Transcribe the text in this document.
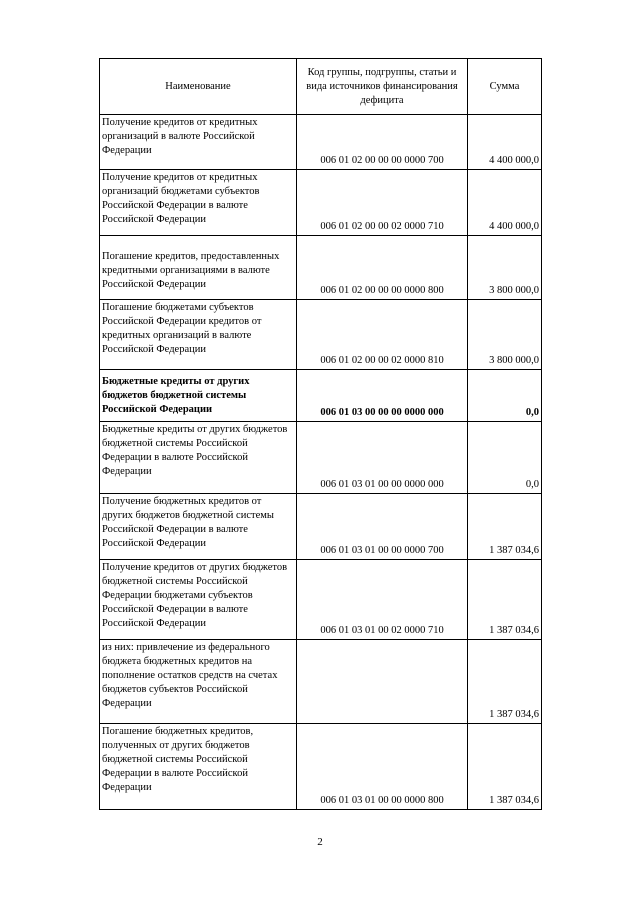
Наименование	Код группы, подгруппы, статьи и вида источников финансирования дефицита	Сумма
Получение кредитов от кредитных организаций в валюте Российской Федерации	006 01 02 00 00 00 0000 700	4 400 000,0
Получение кредитов от кредитных организаций бюджетами субъектов Российской Федерации в валюте Российской Федерации	006 01 02 00 00 02 0000 710	4 400 000,0
Погашение кредитов, предоставленных кредитными организациями в валюте Российской Федерации	006 01 02 00 00 00 0000 800	3 800 000,0
Погашение бюджетами субъектов Российской Федерации кредитов от кредитных организаций в валюте Российской Федерации	006 01 02 00 00 02 0000 810	3 800 000,0
Бюджетные кредиты от других бюджетов бюджетной системы Российской Федерации	006 01 03 00 00 00 0000 000	0,0
Бюджетные кредиты от других бюджетов бюджетной системы Российской Федерации в валюте Российской Федерации	006 01 03 01 00 00 0000 000	0,0
Получение бюджетных кредитов от других бюджетов бюджетной системы Российской Федерации в валюте Российской Федерации	006 01 03 01 00 00 0000 700	1 387 034,6
Получение кредитов от других бюджетов бюджетной системы Российской Федерации бюджетами субъектов Российской Федерации в валюте Российской Федерации	006 01 03 01 00 02 0000 710	1 387 034,6
из них: привлечение из федерального бюджета бюджетных кредитов на пополнение остатков средств на счетах бюджетов субъектов Российской Федерации		1 387 034,6
Погашение бюджетных кредитов, полученных от других бюджетов бюджетной системы Российской Федерации в валюте Российской Федерации	006 01 03 01 00 00 0000 800	1 387 034,6
2
